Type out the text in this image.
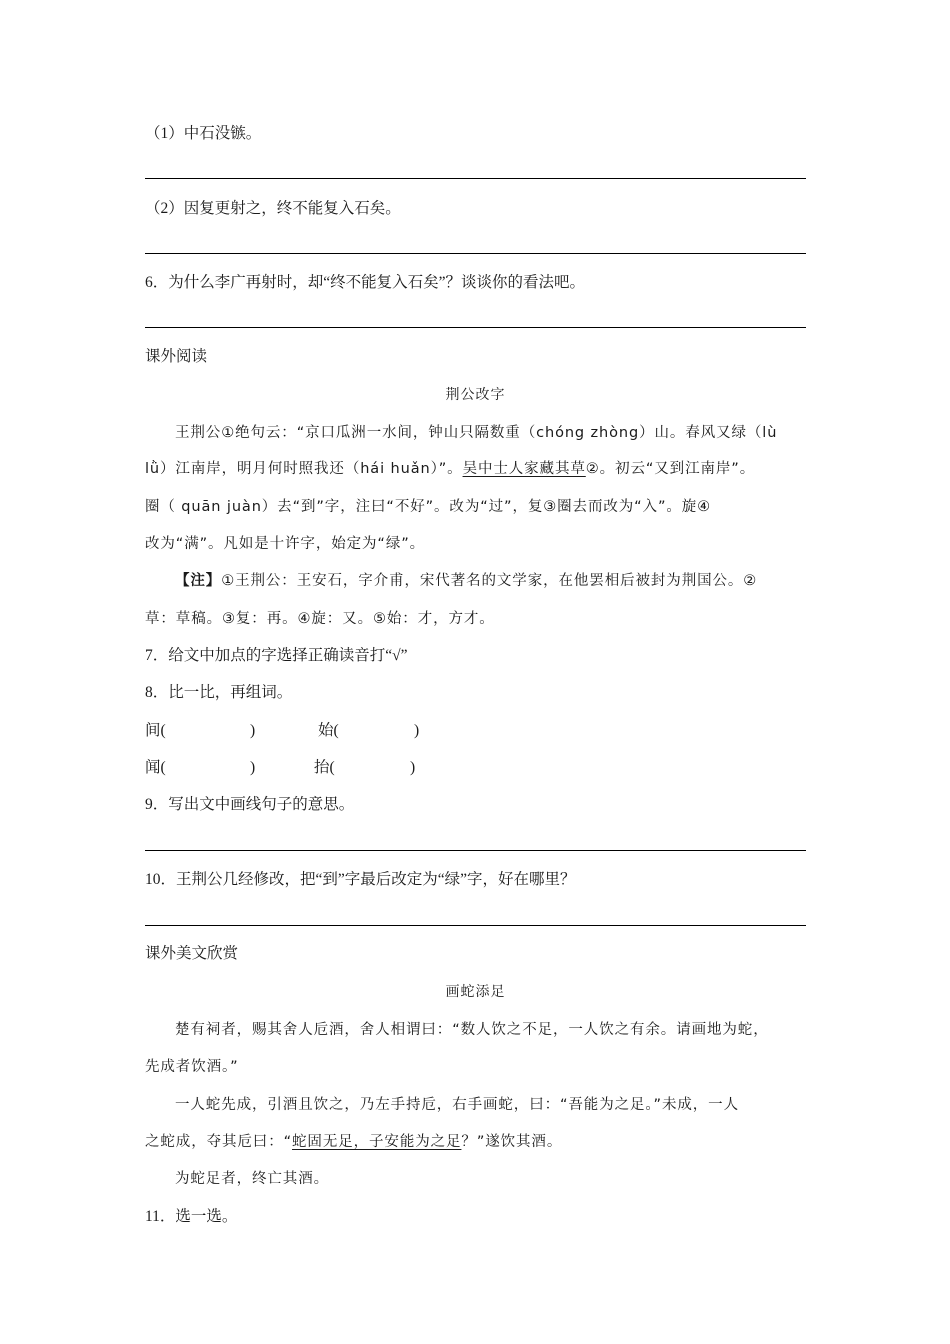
（1）中石没镞。
（2）因复更射之，终不能复入石矣。
6．为什么李广再射时，却“终不能复入石矣”？谈谈你的看法吧。
课外阅读
荆公改字
王荆公①绝句云：“京口瓜洲一水间，钟山只隔数重（chóng zhòng）山。春风又绿（lù
lǜ）江南岸，明月何时照我还（hái huǎn）”。吴中士人家藏其草②。初云“又到江南岸”。
圈（ quān juàn）去“到”字，注曰“不好”。改为“过”，复③圈去而改为“入”。旋④
改为“满”。凡如是十许字，始定为“绿”。
【注】①王荆公：王安石，字介甫，宋代著名的文学家，在他罢相后被封为荆国公。②
草：草稿。③复：再。④旋：又。⑤始：才，方才。
7．给文中加点的字选择正确读音打“√”
8．比一比，再组词。
间(	)	始(	)
闻(	)	抬(	)
9．写出文中画线句子的意思。
10．王荆公几经修改，把“到”字最后改定为“绿”字，好在哪里？
课外美文欣赏
画蛇添足
楚有祠者，赐其舍人卮酒，舍人相谓曰：“数人饮之不足，一人饮之有余。请画地为蛇，
先成者饮酒。”
一人蛇先成，引酒且饮之，乃左手持卮，右手画蛇，曰：“吾能为之足。”未成，一人
之蛇成，夺其卮曰：“蛇固无足，子安能为之足？”遂饮其酒。
为蛇足者，终亡其酒。
11．选一选。
